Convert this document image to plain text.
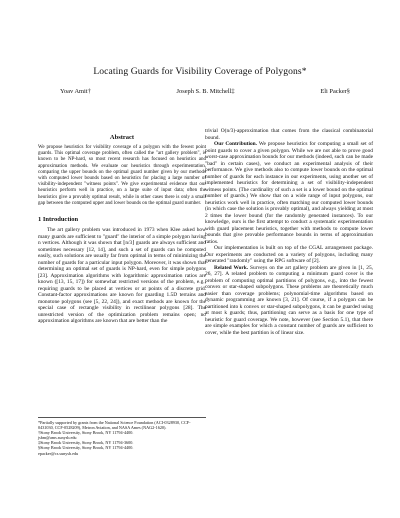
Locating Guards for Visibility Coverage of Polygons*
Yoav Amit†	Joseph S. B. Mitchell‡	Eli Packer§
Abstract

We propose heuristics for visibility coverage of a polygon with the fewest point guards. This optimal coverage problem, often called the "art gallery problem", is known to be NP-hard, so most recent research has focused on heuristics and approximation methods. We evaluate our heuristics through experimentation, comparing the upper bounds on the optimal guard number given by our methods with computed lower bounds based on heuristics for placing a large number of visibility-independent "witness points". We give experimental evidence that our heuristics perform well in practice, on a large suite of input data; often the heuristics give a provably optimal result, while in other cases there is only a small gap between the computed upper and lower bounds on the optimal guard number.

1 Introduction

The art gallery problem was introduced in 1973 when Klee asked how many guards are sufficient to "guard" the interior of a simple polygon having n vertices. Although it was shown that ⌊n/3⌋ guards are always sufficient and sometimes necessary [12, 14], and such a set of guards can be computed easily, such solutions are usually far from optimal in terms of minimizing the number of guards for a particular input polygon. Moreover, it was shown that determining an optimal set of guards is NP-hard, even for simple polygons [23]. Approximation algorithms with logarithmic approximation ratios are known ([13, 15, 17]) for somewhat restricted versions of the problem, e.g., requiring guards to be placed at vertices or at points of a discrete grid. Constant-factor approximations are known for guarding 1.5D terrains and monotone polygons (see [5, 22, 24]), and exact methods are known for the special case of rectangle visibility in rectilinear polygons [28]. The unrestricted version of the optimization problem remains open; no approximation algorithms are known that are better than the

*Partially supported by grants from the National Science Foundation (ACI-0328930, CCF-0431030, CCF-0528209), Metron Aviation, and NASA Ames (NAG2-1620).

†Stony Brook University, Stony Brook, NY 11794-4400.

jsbm@ams.sunysb.edu

‡Stony Brook University, Stony Brook, NY 11794-3600.

§Stony Brook University, Stony Brook, NY 11794-4400.

epacker@cs.sunysb.edu

trivial O(n/3)-approximation that comes from the classical combinatorial bound.

Our Contribution. We propose heuristics for computing a small set of point guards to cover a given polygon. While we are not able to prove good worst-case approximation bounds for our methods (indeed, such can be made "bad" in certain cases), we conduct an experimental analysis of their performance. We give methods also to compute lower bounds on the optimal number of guards for each instance in our experiments, using another set of implemented heuristics for determining a set of visibility-independent witness points. (The cardinality of such a set is a lower bound on the optimal number of guards.) We show that on a wide range of input polygons, our heuristics work well in practice, often matching our computed lower bounds (in which case the solution is provably optimal), and always yielding at most 2 times the lower bound (for the randomly generated instances). To our knowledge, ours is the first attempt to conduct a systematic experimentation with guard placement heuristics, together with methods to compute lower bounds that give provable performance bounds in terms of approximation ratios.

Our implementation is built on top of the CGAL arrangement package. Our experiments are conducted on a variety of polygons, including many generated "randomly" using the RPG software of [2].

Related Work. Surveys on the art gallery problem are given in [1, 25, 26, 27]. A related problem to computing a minimum guard cover is the problem of computing optimal partitions of polygons, e.g., into the fewest convex or star-shaped subpolygons. These problems are theoretically much easier than coverage problems; polynomial-time algorithms based on dynamic programming are known [3, 21]. Of course, if a polygon can be partitioned into k convex or star-shaped subpolygons, it can be guarded using at most k guards; thus, partitioning can serve as a basis for one type of heuristic for guard coverage. We note, however (see Section 5.1), that there are simple examples for which a constant number of guards are sufficient to cover, while the best partition is of linear size.
